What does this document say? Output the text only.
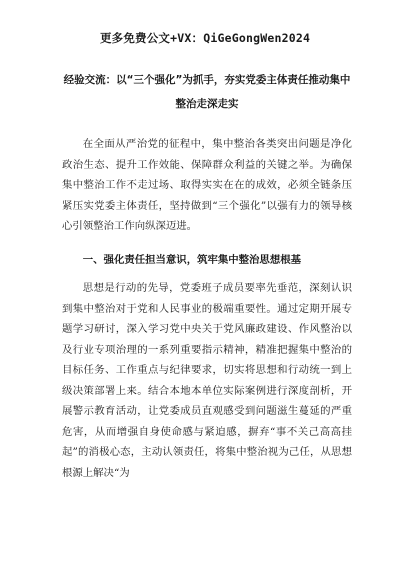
更多免费公文+VX：QiGeGongWen2024
经验交流：以“三个强化”为抓手，夯实党委主体责任推动集中整治走深走实

在全面从严治党的征程中，集中整治各类突出问题是净化政治生态、提升工作效能、保障群众利益的关键之举。为确保集中整治工作不走过场、取得实实在在的成效，必须全链条压紧压实党委主体责任，坚持做到“三个强化”以强有力的领导核心引领整治工作向纵深迈进。

一、强化责任担当意识，筑牢集中整治思想根基

思想是行动的先导，党委班子成员要率先垂范，深刻认识到集中整治对于党和人民事业的极端重要性。通过定期开展专题学习研讨，深入学习党中央关于党风廉政建设、作风整治以及行业专项治理的一系列重要指示精神，精准把握集中整治的目标任务、工作重点与纪律要求，切实将思想和行动统一到上级决策部署上来。结合本地本单位实际案例进行深度剖析，开展警示教育活动，让党委成员直观感受到问题滋生蔓延的严重危害，从而增强自身使命感与紧迫感，摒弃“事不关己高高挂起”的消极心态，主动认领责任，将集中整治视为己任，从思想根源上解决“为
